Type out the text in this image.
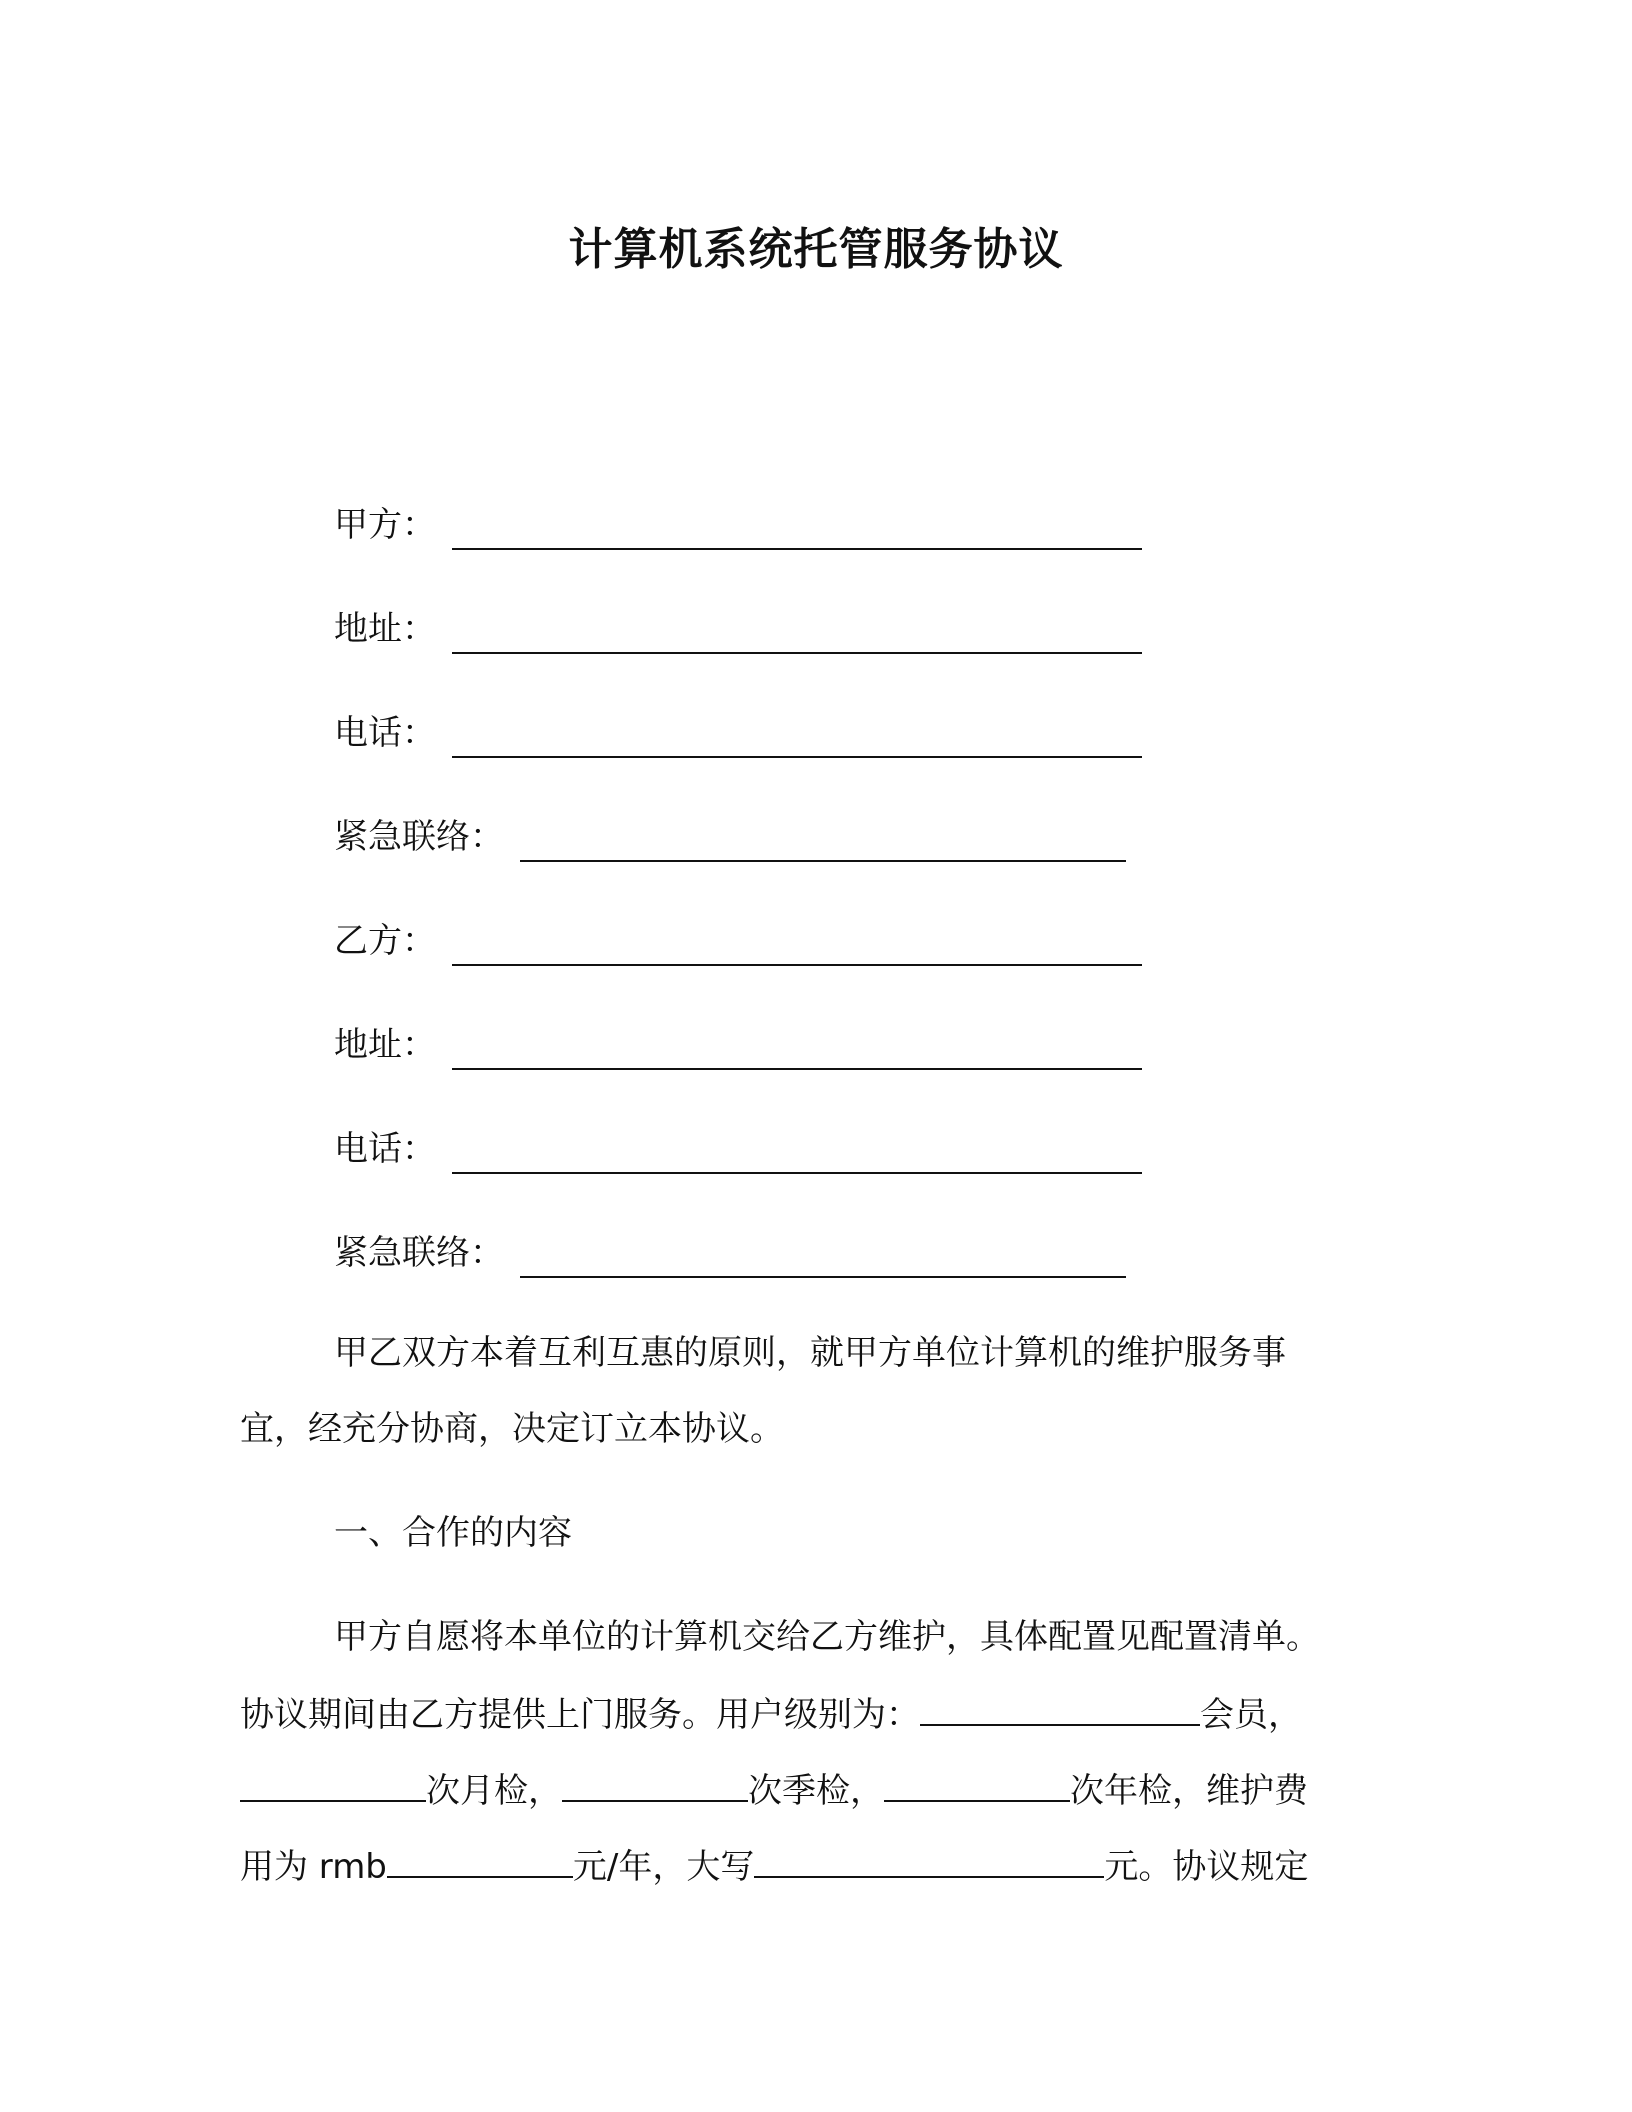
计算机系统托管服务协议
甲方：
地址：
电话：
紧急联络：
乙方：
地址：
电话：
紧急联络：
甲乙双方本着互利互惠的原则，就甲方单位计算机的维护服务事
宜，经充分协商，决定订立本协议。
一、合作的内容
甲方自愿将本单位的计算机交给乙方维护，具体配置见配置清单。
协议期间由乙方提供上门服务。用户级别为：	会员，
次月检，	次季检，	次年检，维护费
用为 rmb	元/年，大写	元。协议规定
